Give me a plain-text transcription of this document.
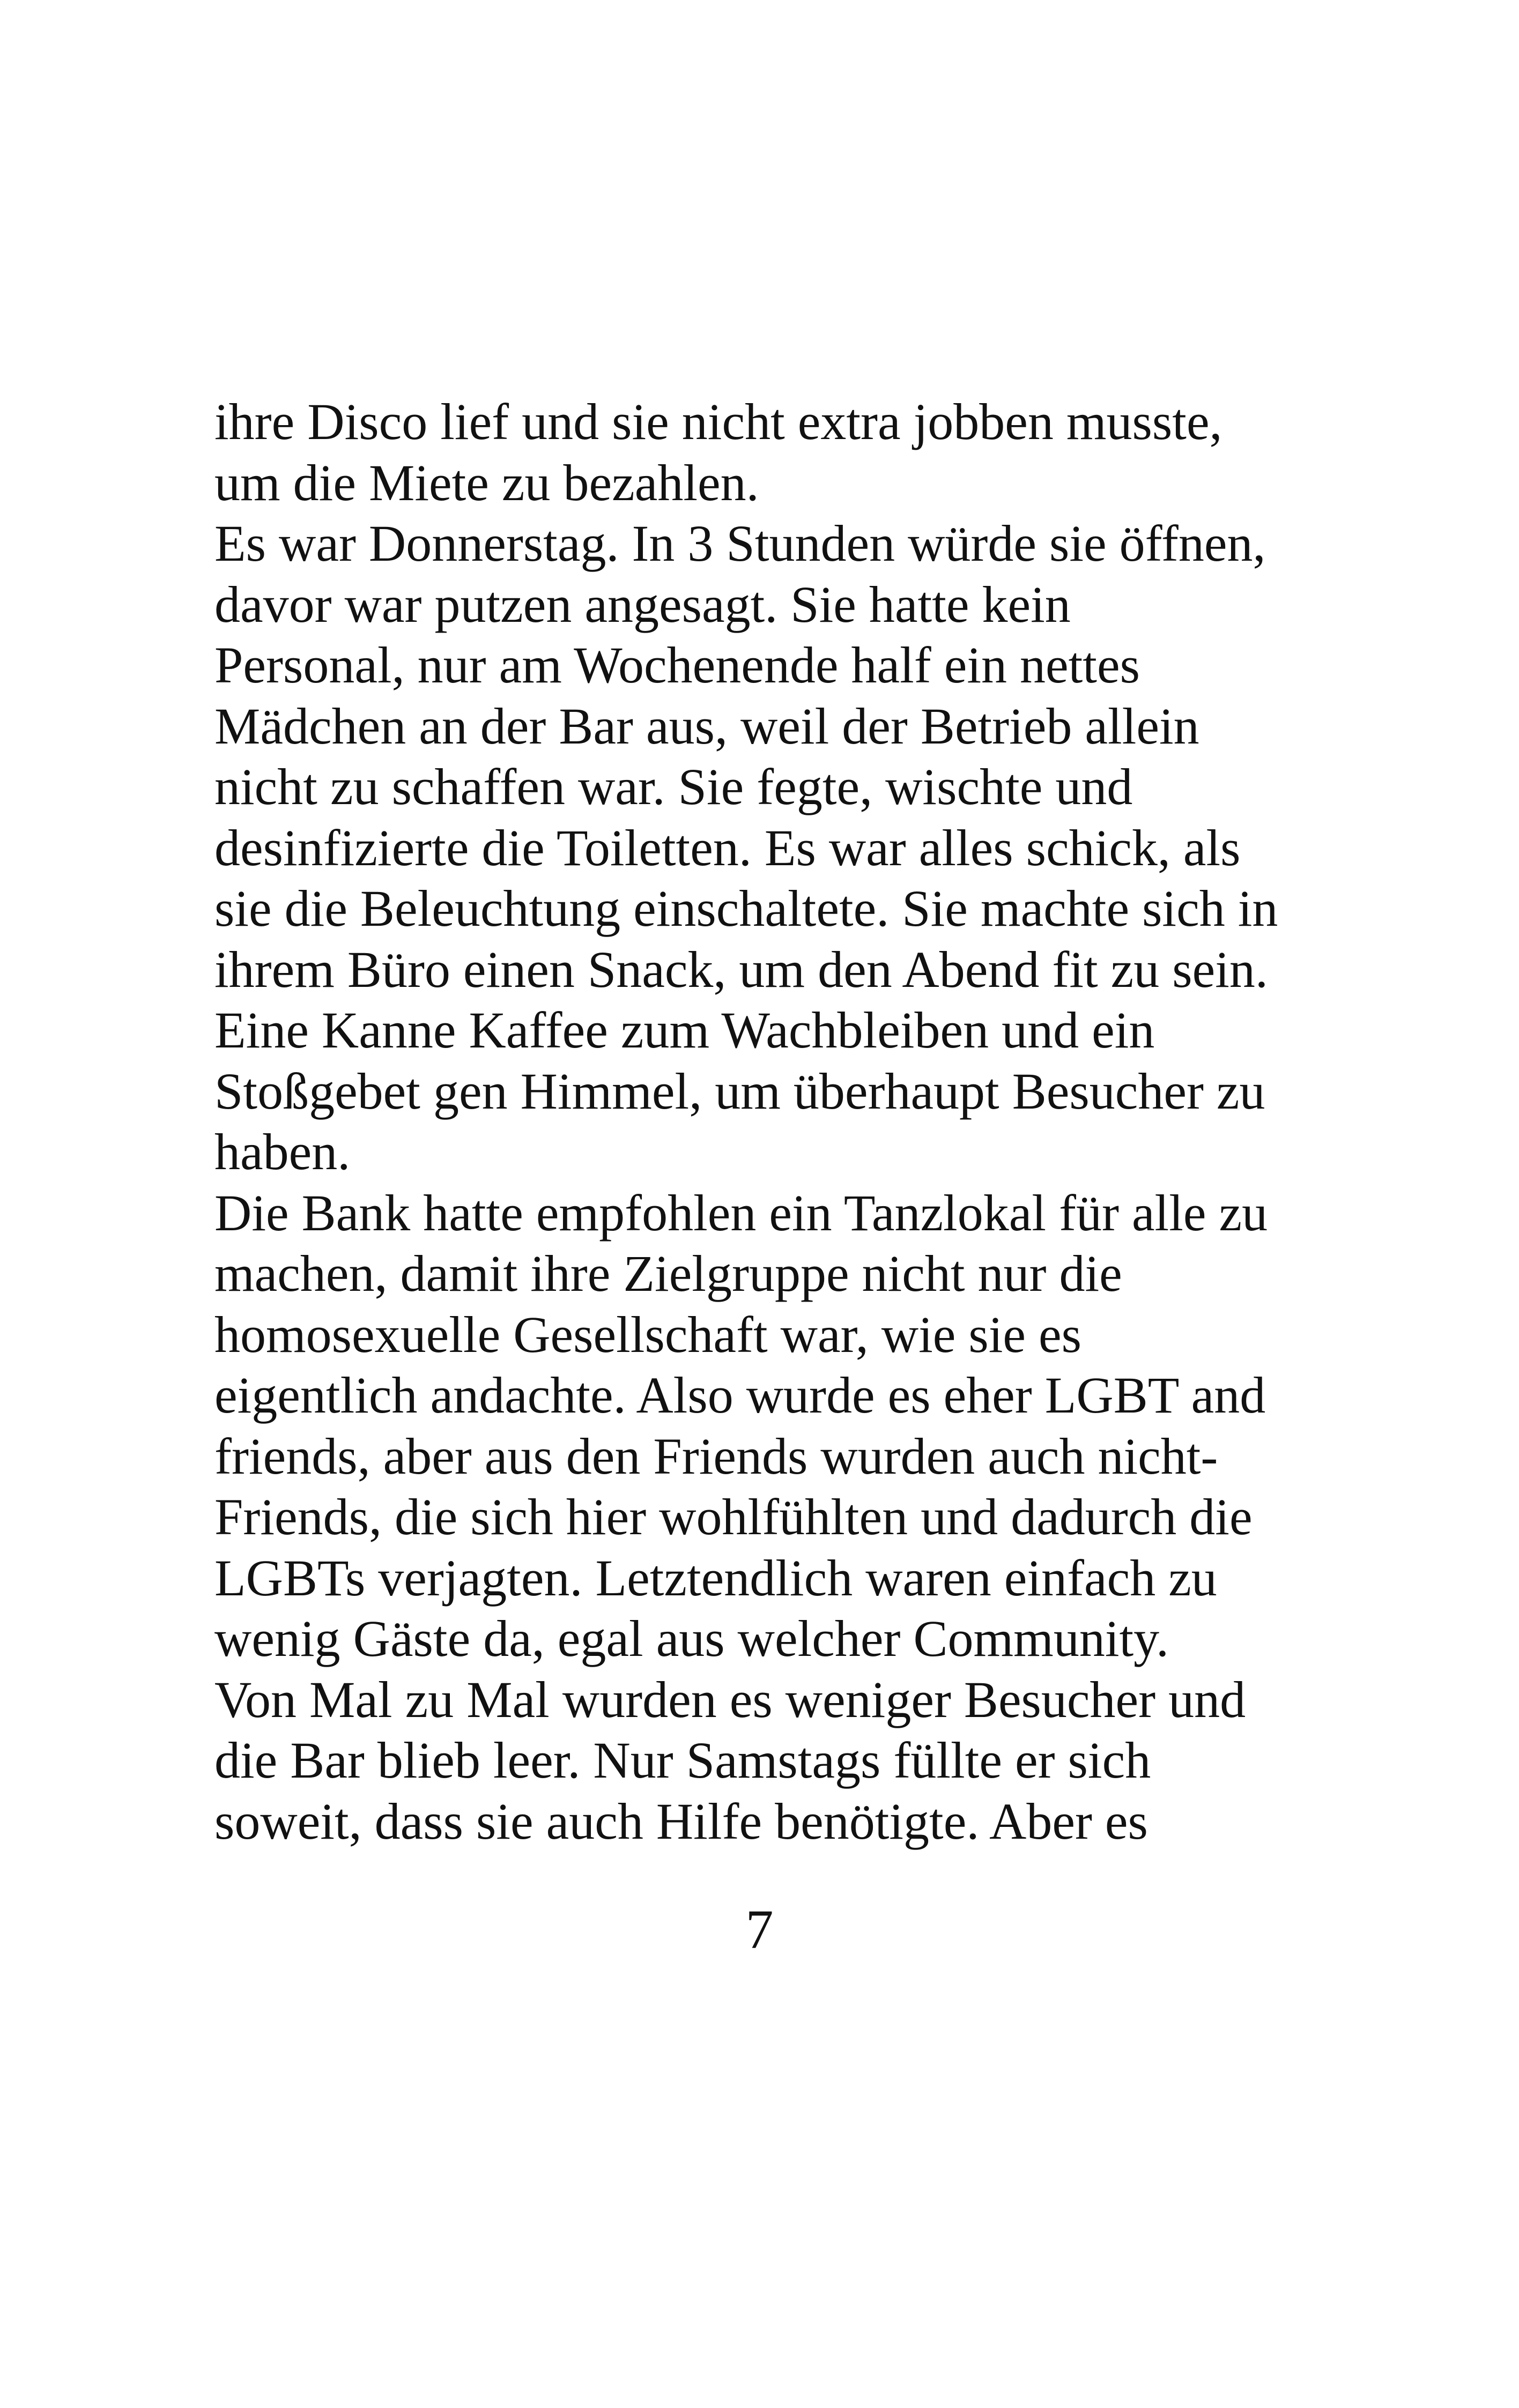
ihre Disco lief und sie nicht extra jobben musste,
um die Miete zu bezahlen.
Es war Donnerstag. In 3 Stunden würde sie öffnen,
davor war putzen angesagt. Sie hatte kein
Personal, nur am Wochenende half ein nettes
Mädchen an der Bar aus, weil der Betrieb allein
nicht zu schaffen war. Sie fegte, wischte und
desinfizierte die Toiletten. Es war alles schick, als
sie die Beleuchtung einschaltete. Sie machte sich in
ihrem Büro einen Snack, um den Abend fit zu sein.
Eine Kanne Kaffee zum Wachbleiben und ein
Stoßgebet gen Himmel, um überhaupt Besucher zu
haben.
Die Bank hatte empfohlen ein Tanzlokal für alle zu
machen, damit ihre Zielgruppe nicht nur die
homosexuelle Gesellschaft war, wie sie es
eigentlich andachte. Also wurde es eher LGBT and
friends, aber aus den Friends wurden auch nicht-
Friends, die sich hier wohlfühlten und dadurch die
LGBTs verjagten. Letztendlich waren einfach zu
wenig Gäste da, egal aus welcher Community.
Von Mal zu Mal wurden es weniger Besucher und
die Bar blieb leer. Nur Samstags füllte er sich
soweit, dass sie auch Hilfe benötigte. Aber es

7
